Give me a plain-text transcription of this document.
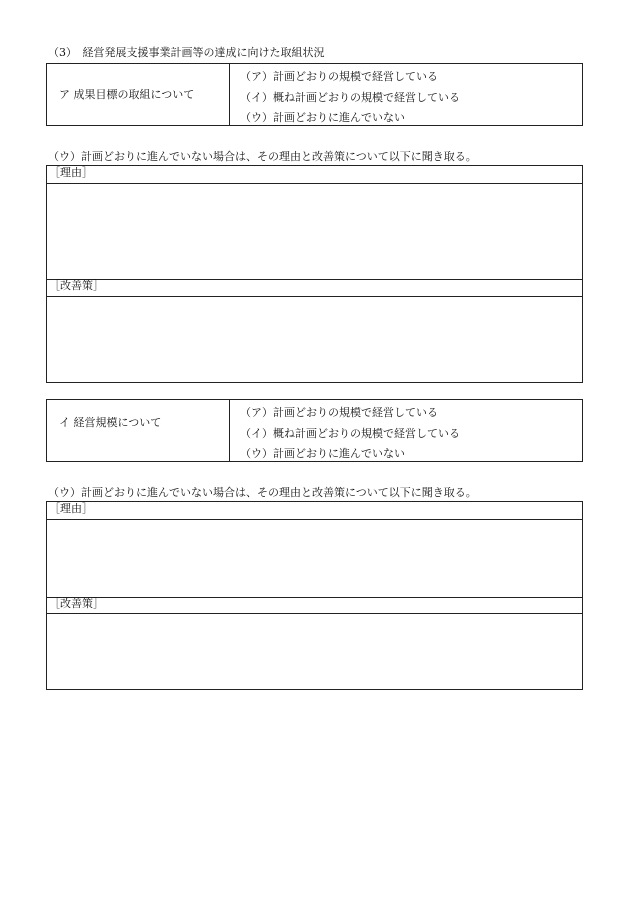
（3）　経営発展支援事業計画等の達成に向けた取組状況
ア 成果目標の取組について
（ア）計画どおりの規模で経営している
（イ）概ね計画どおりの規模で経営している
（ウ）計画どおりに進んでいない
（ウ）計画どおりに進んでいない場合は、その理由と改善策について以下に聞き取る。
［理由］
［改善策］
イ 経営規模について
（ア）計画どおりの規模で経営している
（イ）概ね計画どおりの規模で経営している
（ウ）計画どおりに進んでいない
（ウ）計画どおりに進んでいない場合は、その理由と改善策について以下に聞き取る。
［理由］
［改善策］
